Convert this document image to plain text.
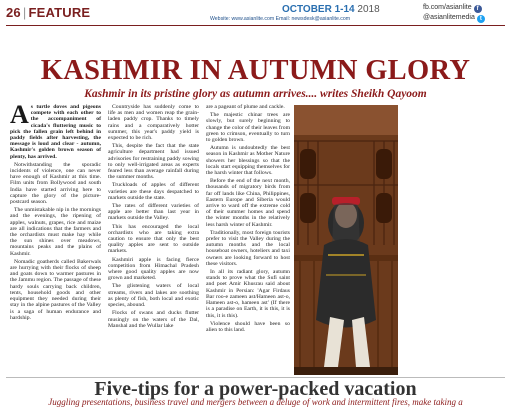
26 | FEATURE	OCTOBER 1-14 2018
Website: www.asianlite.com Email: newsdesk@asianlite.com
fb.com/asianlite f
@asianlitemedia t
KASHMIR IN AUTUMN GLORY
Kashmir in its pristine glory as autumn arrives.... writes Sheikh Qayoom

As turtle doves and pigeons compete with each other to the accompaniment of cicada's fluttering music to pick the fallen grain left behind in paddy fields after harvesting, the message is loud and clear - autumn, Kashmir's golden brown season of plenty, has arrived.

Notwithstanding the sporadic incidents of violence, one can never have enough of Kashmir at this time. Film units from Bollywood and south India have started arriving here to capture the glory of the picture-postcard season.

The unmistakable nip in the mornings and the evenings, the ripening of apples, walnuts, grapes, rice and maize are all indications that the farmers and the orchardists must make hay while the sun shines over meadows, mountains peaks and the plains of Kashmir.

Nomadic goatherds called Bakerwals are hurrying with their flocks of sheep and goats down to warmer pastures in the Jammu region. The passage of these hardy souls carrying back children, tents, household goods and other equipment they needed during their stay in the alpine pastures of the Valley is a saga of human endurance and hardship.

Countryside has suddenly come to life as men and women reap the grain-laden paddy crop. Thanks to timely rains and a comparatively hotter summer, this year's paddy yield is expected to be rich.

This, despite the fact that the state agriculture department had issued advisories for restraining paddy sowing to only well-irrigated areas as experts feared less than average rainfall during the summer months.

Truckloads of apples of different varieties are these days despatched to markets outside the state.

The rates of different varieties of apple are better than last year in markets outside the Valley.

This has encouraged the local orchardists who are taking extra caution to ensure that only the best quality apples are sent to outside markets.

Kashmiri apple is facing fierce competition from Himachal Pradesh where good quality apples are now grown and marketed.

The glistening waters of local streams, rivers and lakes are soothing as plenty of fish, both local and exotic species, abound.

Flocks of swans and ducks flutter musingly on the waters of the Dal, Manshal and the Wullar lake

are a pageant of plume and cackle.

The majestic chinar trees are slowly, but surely beginning to change the color of their leaves from green to crimson, eventually to turn to golden brown.

Autumn is undoubtedly the best season in Kashmir as Mother Nature showers her blessings so that the locals start equipping themselves for the harsh winter that follows.

Before the end of the next month, thousands of migratory birds from far off lands like China, Philippines, Eastern Europe and Siberia would arrive to ward off the extreme cold of their summer homes and spend the winter months in the relatively less harsh winter of Kashmir.

Traditionally, most foreign tourists prefer to visit the Valley during the autumn months and the local houseboat owners, hoteliers and taxi owners are looking forward to host these visitors.

In all its radiant glory, autumn stands to prove what the Sufi saint and poet Amir Khusrau said about Kashmir in Persian: 'Agar Firdaus Bar roo-e zameen ast/Hameen ast-o, Hameen ast-o, hameen ast' (If there is a paradise on Earth, it is this, it is this, it is this).

Violence should have been so alien to this land.

Five-tips for a power-packed vacation
Juggling presentations, business travel and mergers between a deluge of work and intermittent fires, make taking a
